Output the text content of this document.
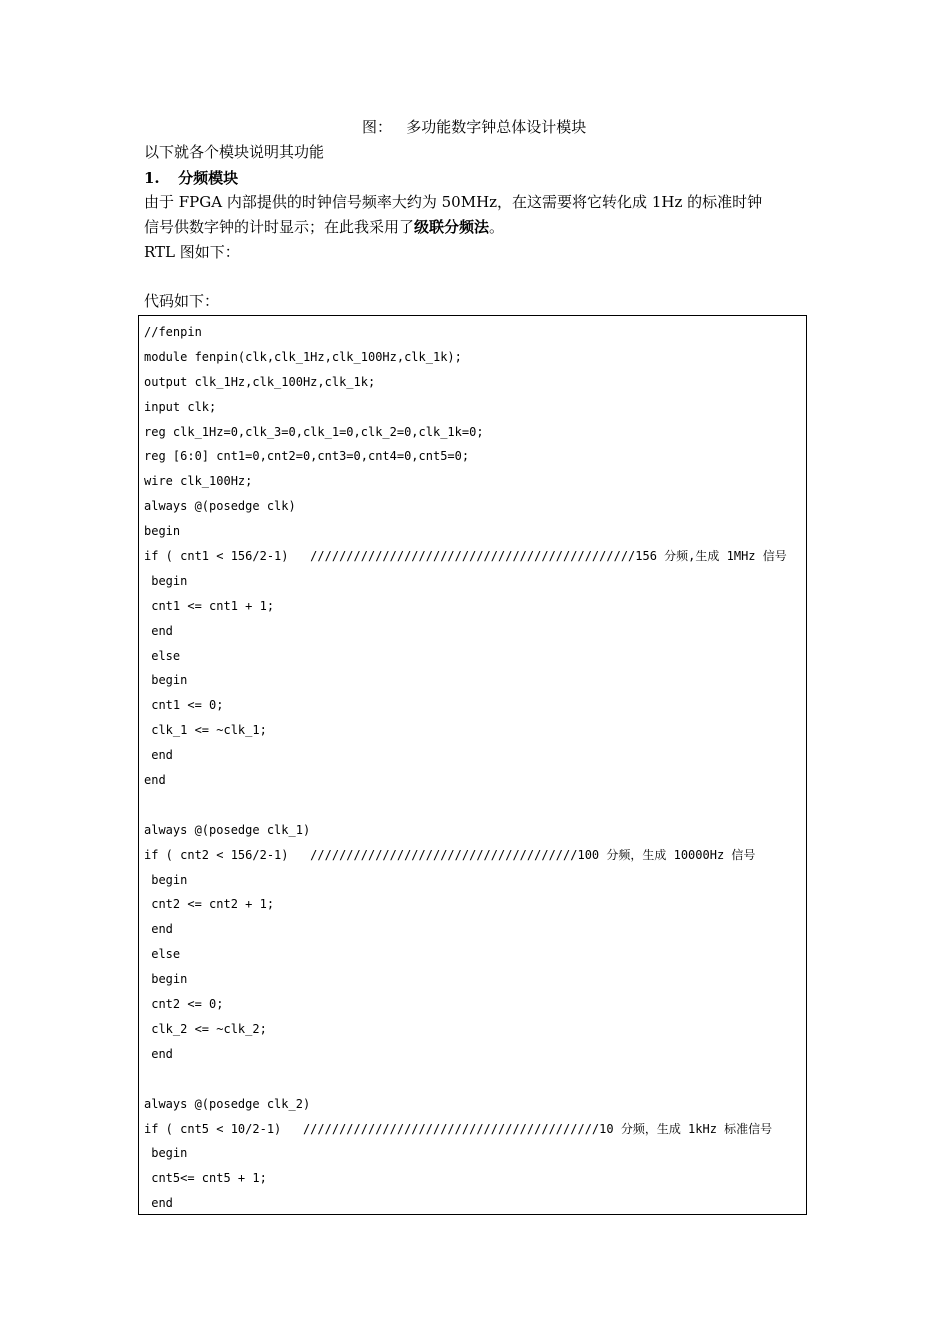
图：   多功能数字钟总体设计模块
以下就各个模块说明其功能
1. 分频模块
由于 FPGA 内部提供的时钟信号频率大约为 50MHz，在这需要将它转化成 1Hz 的标准时钟
信号供数字钟的计时显示；在此我采用了级联分频法。
RTL 图如下：
代码如下：
//fenpin
module fenpin(clk,clk_1Hz,clk_100Hz,clk_1k);
output clk_1Hz,clk_100Hz,clk_1k;
input clk;
reg clk_1Hz=0,clk_3=0,clk_1=0,clk_2=0,clk_1k=0;
reg [6:0] cnt1=0,cnt2=0,cnt3=0,cnt4=0,cnt5=0;
wire clk_100Hz;
always @(posedge clk)
begin
if ( cnt1 < 156/2-1)   /////////////////////////////////////////////156 分频,生成 1MHz 信号
begin
cnt1 <= cnt1 + 1;
end
else
begin
cnt1 <= 0;
clk_1 <= ~clk_1;
end
end
always @(posedge clk_1)
if ( cnt2 < 156/2-1)   /////////////////////////////////////100 分频，生成 10000Hz 信号
begin
cnt2 <= cnt2 + 1;
end
else
begin
cnt2 <= 0;
clk_2 <= ~clk_2;
end
always @(posedge clk_2)
if ( cnt5 < 10/2-1)   /////////////////////////////////////////10 分频，生成 1kHz 标准信号
begin
cnt5<= cnt5 + 1;
end
